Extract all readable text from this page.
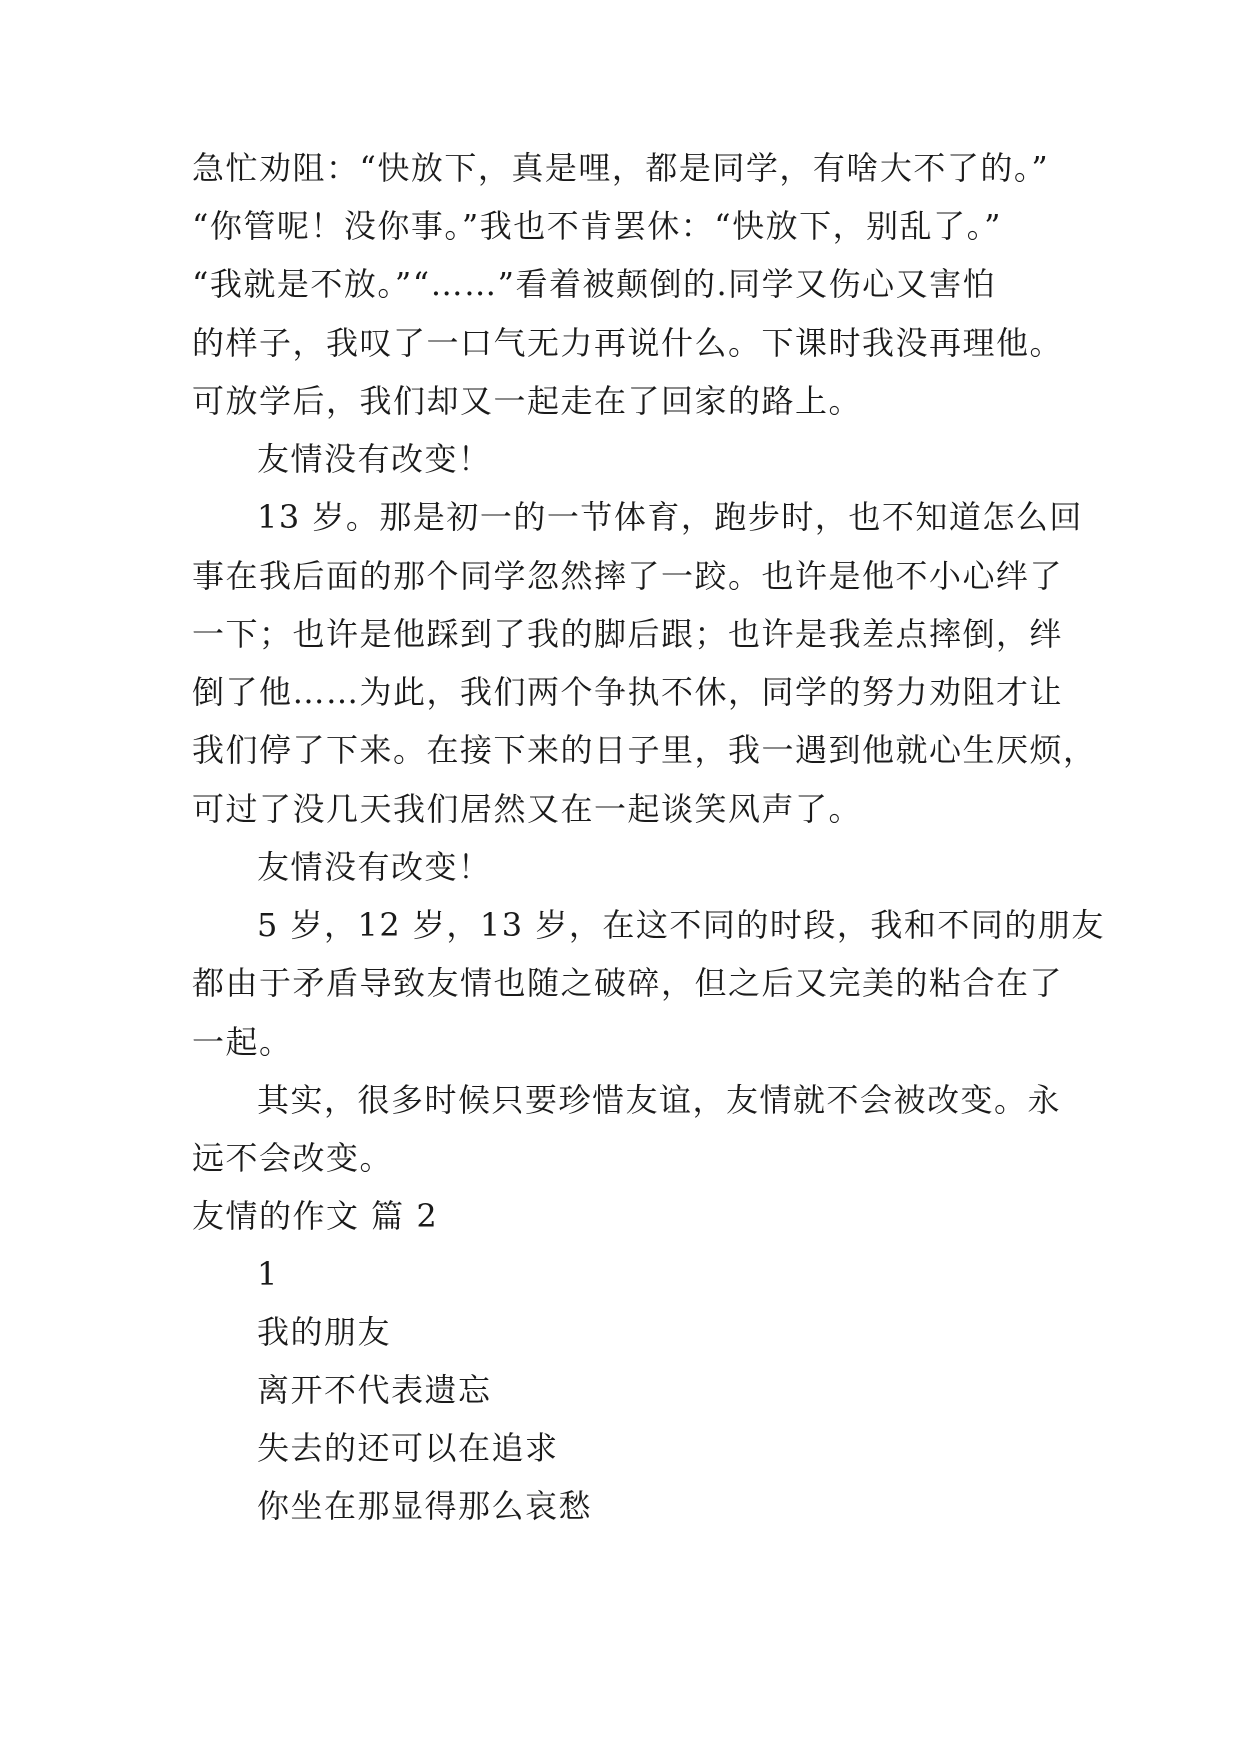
急忙劝阻：“快放下，真是哩，都是同学，有啥大不了的。”
“你管呢！没你事。”我也不肯罢休：“快放下，别乱了。”
“我就是不放。”“……”看着被颠倒的.同学又伤心又害怕
的样子，我叹了一口气无力再说什么。下课时我没再理他。
可放学后，我们却又一起走在了回家的路上。
友情没有改变！
13 岁。那是初一的一节体育，跑步时，也不知道怎么回
事在我后面的那个同学忽然摔了一跤。也许是他不小心绊了
一下；也许是他踩到了我的脚后跟；也许是我差点摔倒，绊
倒了他……为此，我们两个争执不休，同学的努力劝阻才让
我们停了下来。在接下来的日子里，我一遇到他就心生厌烦，
可过了没几天我们居然又在一起谈笑风声了。
友情没有改变！
5 岁，12 岁，13 岁，在这不同的时段，我和不同的朋友
都由于矛盾导致友情也随之破碎，但之后又完美的粘合在了
一起。
其实，很多时候只要珍惜友谊，友情就不会被改变。永
远不会改变。
友情的作文 篇 2
1
我的朋友
离开不代表遗忘
失去的还可以在追求
你坐在那显得那么哀愁
